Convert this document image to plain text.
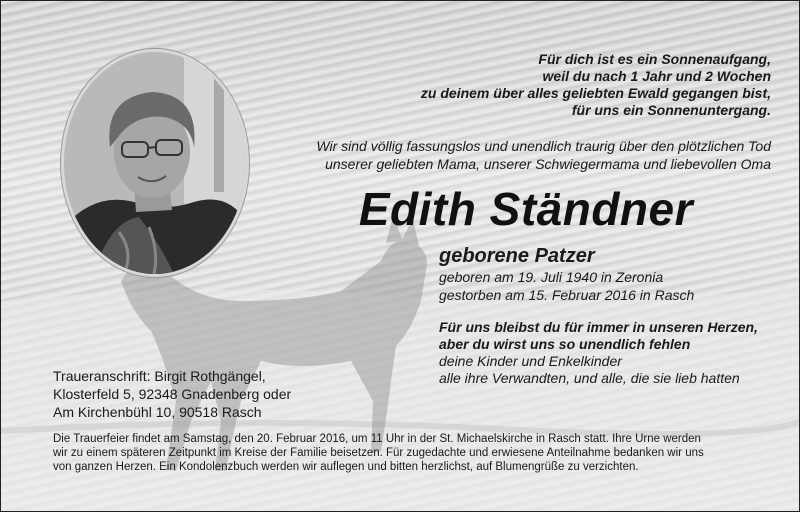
Für dich ist es ein Sonnenaufgang,
weil du nach 1 Jahr und 2 Wochen
zu deinem über alles geliebten Ewald gegangen bist,
für uns ein Sonnenuntergang.
Wir sind völlig fassungslos und unendlich traurig über den plötzlichen Tod
unserer geliebten Mama, unserer Schwiegermama und liebevollen Oma
Edith Ständner
geborene Patzer
geboren am 19. Juli 1940 in Zeronia
gestorben am 15. Februar 2016 in Rasch
Für uns bleibst du für immer in unseren Herzen,
aber du wirst uns so unendlich fehlen
deine Kinder und Enkelkinder
alle ihre Verwandten, und alle, die sie lieb hatten
Traueranschrift: Birgit Rothgängel,
Klosterfeld 5, 92348 Gnadenberg oder
Am Kirchenbühl 10, 90518 Rasch
Die Trauerfeier findet am Samstag, den 20. Februar 2016, um 11 Uhr in der St. Michaelskirche in Rasch statt. Ihre Urne werden
wir zu einem späteren Zeitpunkt im Kreise der Familie beisetzen. Für zugedachte und erwiesene Anteilnahme bedanken wir uns
von ganzen Herzen. Ein Kondolenzbuch werden wir auflegen und bitten herzlichst, auf Blumengrüße zu verzichten.
